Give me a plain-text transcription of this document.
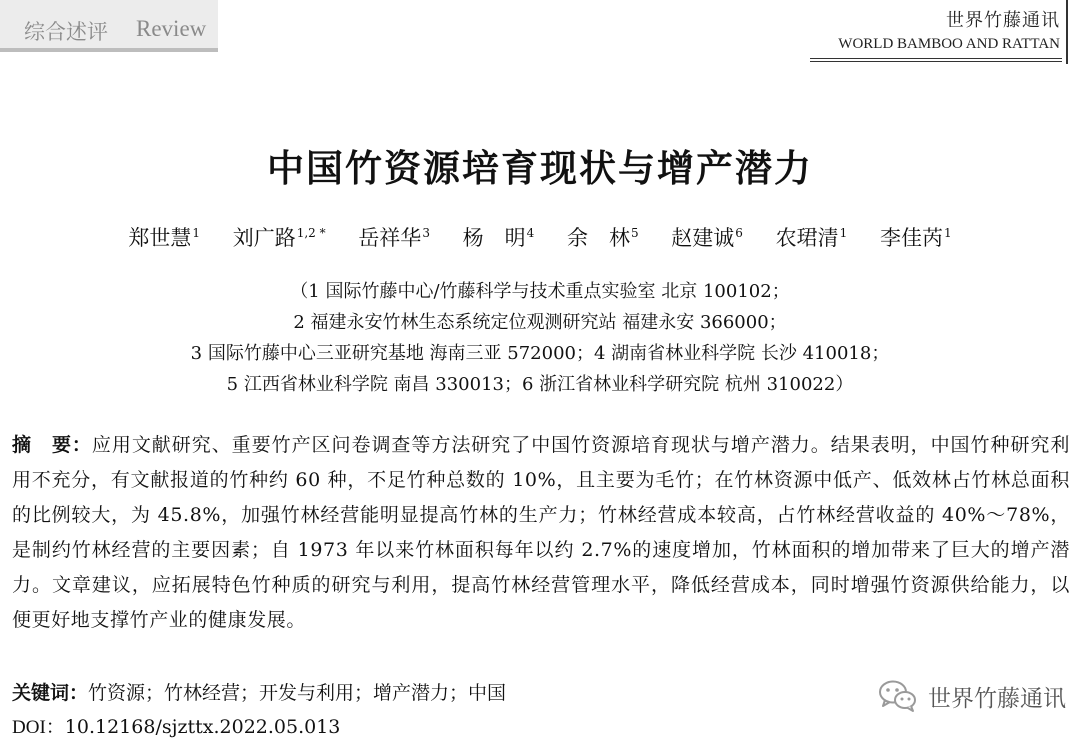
综合述评 Review	世界竹藤通讯
WORLD BAMBOO AND RATTAN
中国竹资源培育现状与增产潜力
郑世慧$^1$ 刘广路$^{1,2 *}$ 岳祥华$^3$ 杨　明$^4$ 余　林$^5$ 赵建诚$^6$ 农珺清$^1$ 李佳芮$^1$
（1 国际竹藤中心/竹藤科学与技术重点实验室 北京 100102；
2 福建永安竹林生态系统定位观测研究站 福建永安 366000；
3 国际竹藤中心三亚研究基地 海南三亚 572000；4 湖南省林业科学院 长沙 410018；
5 江西省林业科学院 南昌 330013；6 浙江省林业科学研究院 杭州 310022）
摘　要：应用文献研究、重要竹产区问卷调查等方法研究了中国竹资源培育现状与增产潜力。结果表明，中国竹种研究利用不充分，有文献报道的竹种约 60 种，不足竹种总数的 10%，且主要为毛竹；在竹林资源中低产、低效林占竹林总面积的比例较大，为 45.8%，加强竹林经营能明显提高竹林的生产力；竹林经营成本较高，占竹林经营收益的 40%～78%，是制约竹林经营的主要因素；自 1973 年以来竹林面积每年以约 2.7%的速度增加，竹林面积的增加带来了巨大的增产潜力。文章建议，应拓展特色竹种质的研究与利用，提高竹林经营管理水平，降低经营成本，同时增强竹资源供给能力，以便更好地支撑竹产业的健康发展。
关键词：竹资源；竹林经营；开发与利用；增产潜力；中国
DOI：10.12168/sjzttx.2022.05.013
世界竹藤通讯
